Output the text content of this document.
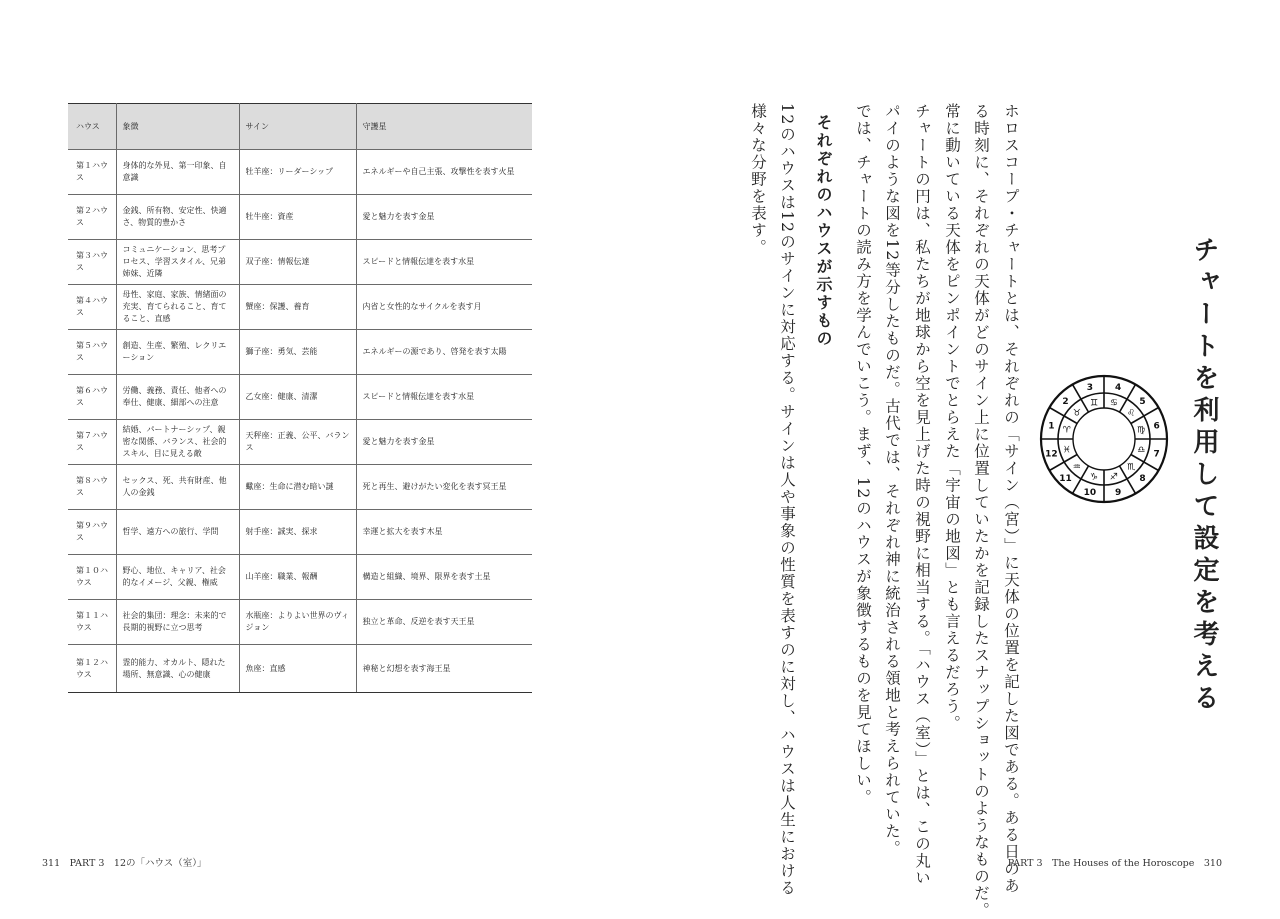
ハウス	象徴	サイン	守護星
第１ハウス	身体的な外見、第一印象、自意識	牡羊座：リーダーシップ	エネルギーや自己主張、攻撃性を表す火星
第２ハウス	金銭、所有物、安定性、快適さ、物質的豊かさ	牡牛座：資産	愛と魅力を表す金星
第３ハウス	コミュニケーション、思考プロセス、学習スタイル、兄弟姉妹、近隣	双子座：情報伝達	スピードと情報伝達を表す水星
第４ハウス	母性、家庭、家族、情緒面の充実、育てられること、育てること、直感	蟹座：保護、養育	内省と女性的なサイクルを表す月
第５ハウス	創造、生産、繁殖、レクリエーション	獅子座：勇気、芸能	エネルギーの源であり、啓発を表す太陽
第６ハウス	労働、義務、責任、他者への奉仕、健康、細部への注意	乙女座：健康、清潔	スピードと情報伝達を表す水星
第７ハウス	結婚、パートナーシップ、親密な関係、バランス、社会的スキル、目に見える敵	天秤座：正義、公平、バランス	愛と魅力を表す金星
第８ハウス	セックス、死、共有財産、他人の金銭	蠍座：生命に潜む暗い謎	死と再生、避けがたい変化を表す冥王星
第９ハウス	哲学、遠方への旅行、学問	射手座：誠実、探求	幸運と拡大を表す木星
第１０ハウス	野心、地位、キャリア、社会的なイメージ、父親、権威	山羊座：職業、報酬	構造と組織、境界、限界を表す土星
第１１ハウス	社会的集団：理念：未来的で長期的視野に立つ思考	水瓶座：よりよい世界のヴィジョン	独立と革命、反逆を表す天王星
第１２ハウス	霊的能力、オカルト、隠れた場所、無意識、心の健康	魚座：直感	神秘と幻想を表す海王星	チャートを利用して設定を考える
ホロスコープ・チャートとは、それぞれの「サイン（宮）」に天体の位置を記した図である。ある日のあ
る時刻に、それぞれの天体がどのサイン上に位置していたかを記録したスナップショットのようなものだ。
常に動いている天体をピンポイントでとらえた「宇宙の地図」とも言えるだろう。
チャートの円は、私たちが地球から空を見上げた時の視野に相当する。「ハウス（室）」とは、この丸い
パイのような図を12等分したものだ。古代では、それぞれ神に統治される領地と考えられていた。
では、チャートの読み方を学んでいこう。まず、12のハウスが象徴するものを見てほしい。
それぞれのハウスが示すもの
12のハウスは12のサインに対応する。サインは人や事象の性質を表すのに対し、ハウスは人生における
様々な分野を表す。
1
2
3 4
5
6
7
8
9
10
11
12
♈
♉
♊ ♋
♌
♍
♎
♏
♐
♑
♒
♓
311　PART 3　12の「ハウス（室）」	PART 3　The Houses of the Horoscope　310
